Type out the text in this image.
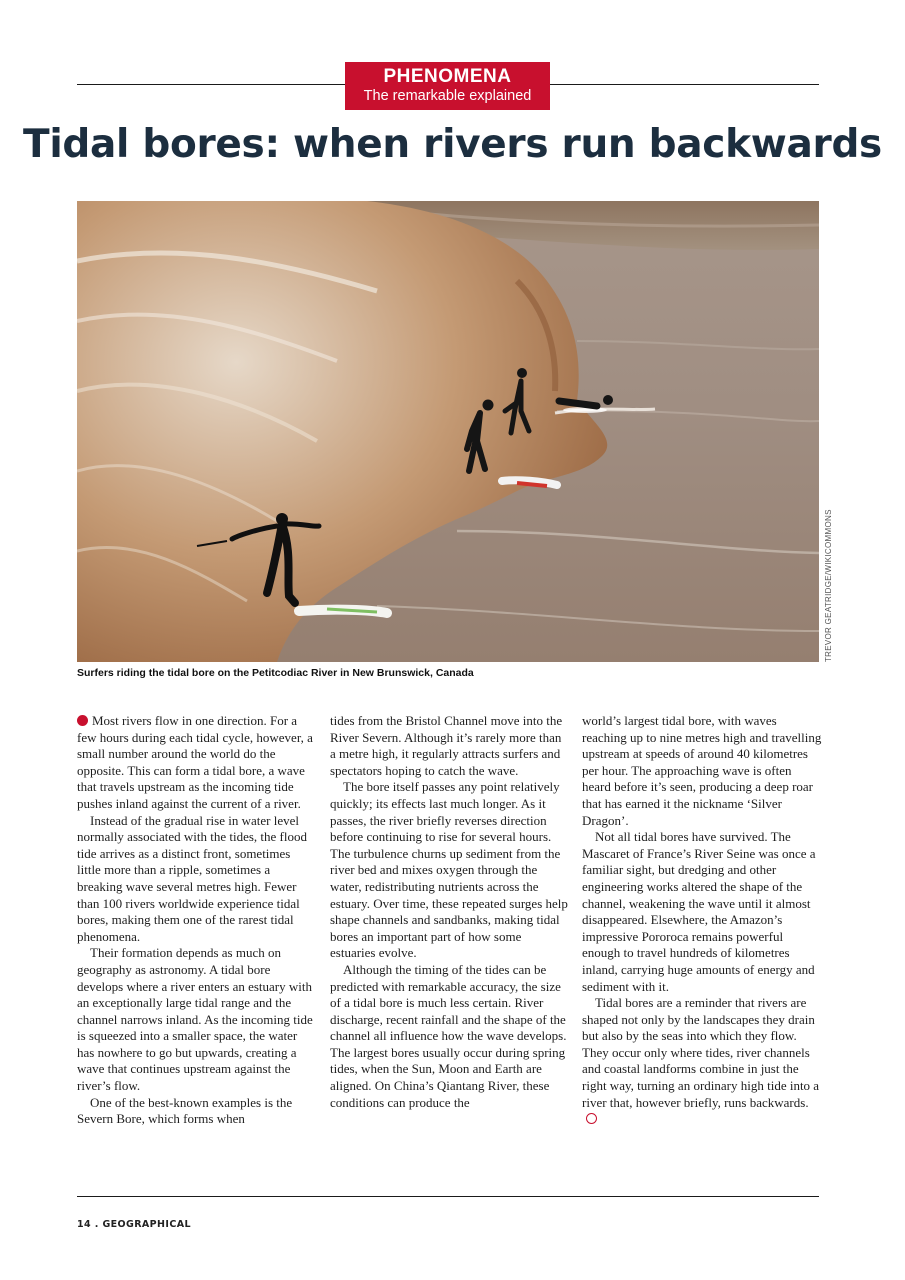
PHENOMENA
The remarkable explained
Tidal bores: when rivers run backwards
TREVOR GEATRIDGE/WIKICOMMONS
Surfers riding the tidal bore on the Petitcodiac River in New Brunswick, Canada

Most rivers flow in one direction. For a few hours during each tidal cycle, however, a small number around the world do the opposite. This can form a tidal bore, a wave that travels upstream as the incoming tide pushes inland against the current of a river.

Instead of the gradual rise in water level normally associated with the tides, the flood tide arrives as a distinct front, sometimes little more than a ripple, sometimes a breaking wave several metres high. Fewer than 100 rivers worldwide experience tidal bores, making them one of the rarest tidal phenomena.

Their formation depends as much on geography as astronomy. A tidal bore develops where a river enters an estuary with an exceptionally large tidal range and the channel narrows inland. As the incoming tide is squeezed into a smaller space, the water has nowhere to go but upwards, creating a wave that continues upstream against the river’s flow.

One of the best-known examples is the Severn Bore, which forms when

tides from the Bristol Channel move into the River Severn. Although it’s rarely more than a metre high, it regularly attracts surfers and spectators hoping to catch the wave.

The bore itself passes any point relatively quickly; its effects last much longer. As it passes, the river briefly reverses direction before continuing to rise for several hours. The turbulence churns up sediment from the river bed and mixes oxygen through the water, redistributing nutrients across the estuary. Over time, these repeated surges help shape channels and sandbanks, making tidal bores an important part of how some estuaries evolve.

Although the timing of the tides can be predicted with remarkable accuracy, the size of a tidal bore is much less certain. River discharge, recent rainfall and the shape of the channel all influence how the wave develops. The largest bores usually occur during spring tides, when the Sun, Moon and Earth are aligned. On China’s Qiantang River, these conditions can produce the

world’s largest tidal bore, with waves reaching up to nine metres high and travelling upstream at speeds of around 40 kilometres per hour. The approaching wave is often heard before it’s seen, producing a deep roar that has earned it the nickname ‘Silver Dragon’.

Not all tidal bores have survived. The Mascaret of France’s River Seine was once a familiar sight, but dredging and other engineering works altered the shape of the channel, weakening the wave until it almost disappeared. Elsewhere, the Amazon’s impressive Pororoca remains powerful enough to travel hundreds of kilometres inland, carrying huge amounts of energy and sediment with it.

Tidal bores are a reminder that rivers are shaped not only by the landscapes they drain but also by the seas into which they flow. They occur only where tides, river channels and coastal landforms combine in just the right way, turning an ordinary high tide into a river that, however briefly, runs backwards.

14 . GEOGRAPHICAL
